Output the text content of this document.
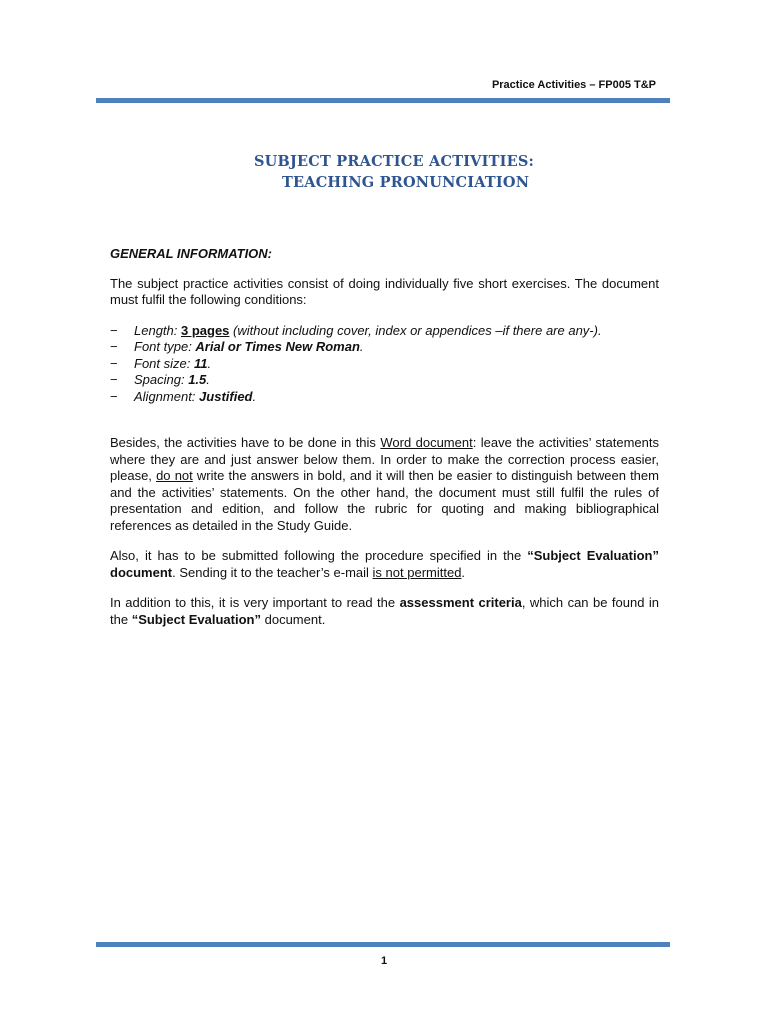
Practice Activities – FP005 T&P
SUBJECT PRACTICE ACTIVITIES:
TEACHING PRONUNCIATION
GENERAL INFORMATION:

The subject practice activities consist of doing individually five short exercises. The document must fulfil the following conditions:

− Length: 3 pages (without including cover, index or appendices –if there are any-).
− Font type: Arial or Times New Roman.
− Font size: 11.
− Spacing: 1.5.
− Alignment: Justified.

Besides, the activities have to be done in this Word document: leave the activities’ statements where they are and just answer below them. In order to make the correction process easier, please, do not write the answers in bold, and it will then be easier to distinguish between them and the activities’ statements. On the other hand, the document must still fulfil the rules of presentation and edition, and follow the rubric for quoting and making bibliographical references as detailed in the Study Guide.

Also, it has to be submitted following the procedure specified in the “Subject Evaluation” document. Sending it to the teacher’s e-mail is not permitted.

In addition to this, it is very important to read the assessment criteria, which can be found in the “Subject Evaluation” document.

1
